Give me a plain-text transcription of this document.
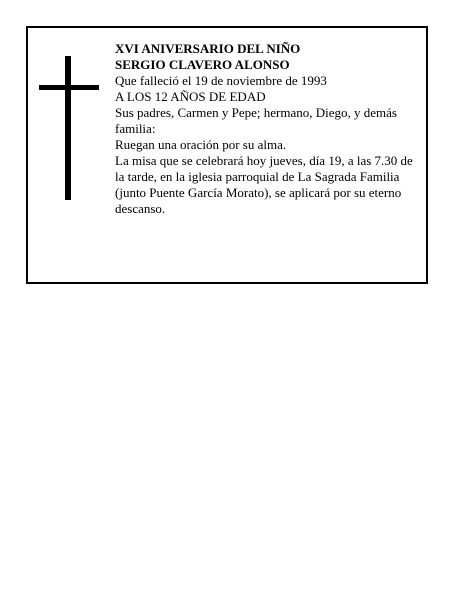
XVI ANIVERSARIO DEL NIÑO

SERGIO CLAVERO ALONSO

Que falleció el 19 de noviembre de 1993

A LOS 12 AÑOS DE EDAD

Sus padres, Carmen y Pepe; hermano, Diego, y demás familia:

Ruegan una oración por su alma.

La misa que se celebrará hoy jueves, día 19, a las 7.30 de la tarde, en la iglesia parroquial de La Sagrada Familia (junto Puente García Morato), se aplicará por su eterno descanso.
